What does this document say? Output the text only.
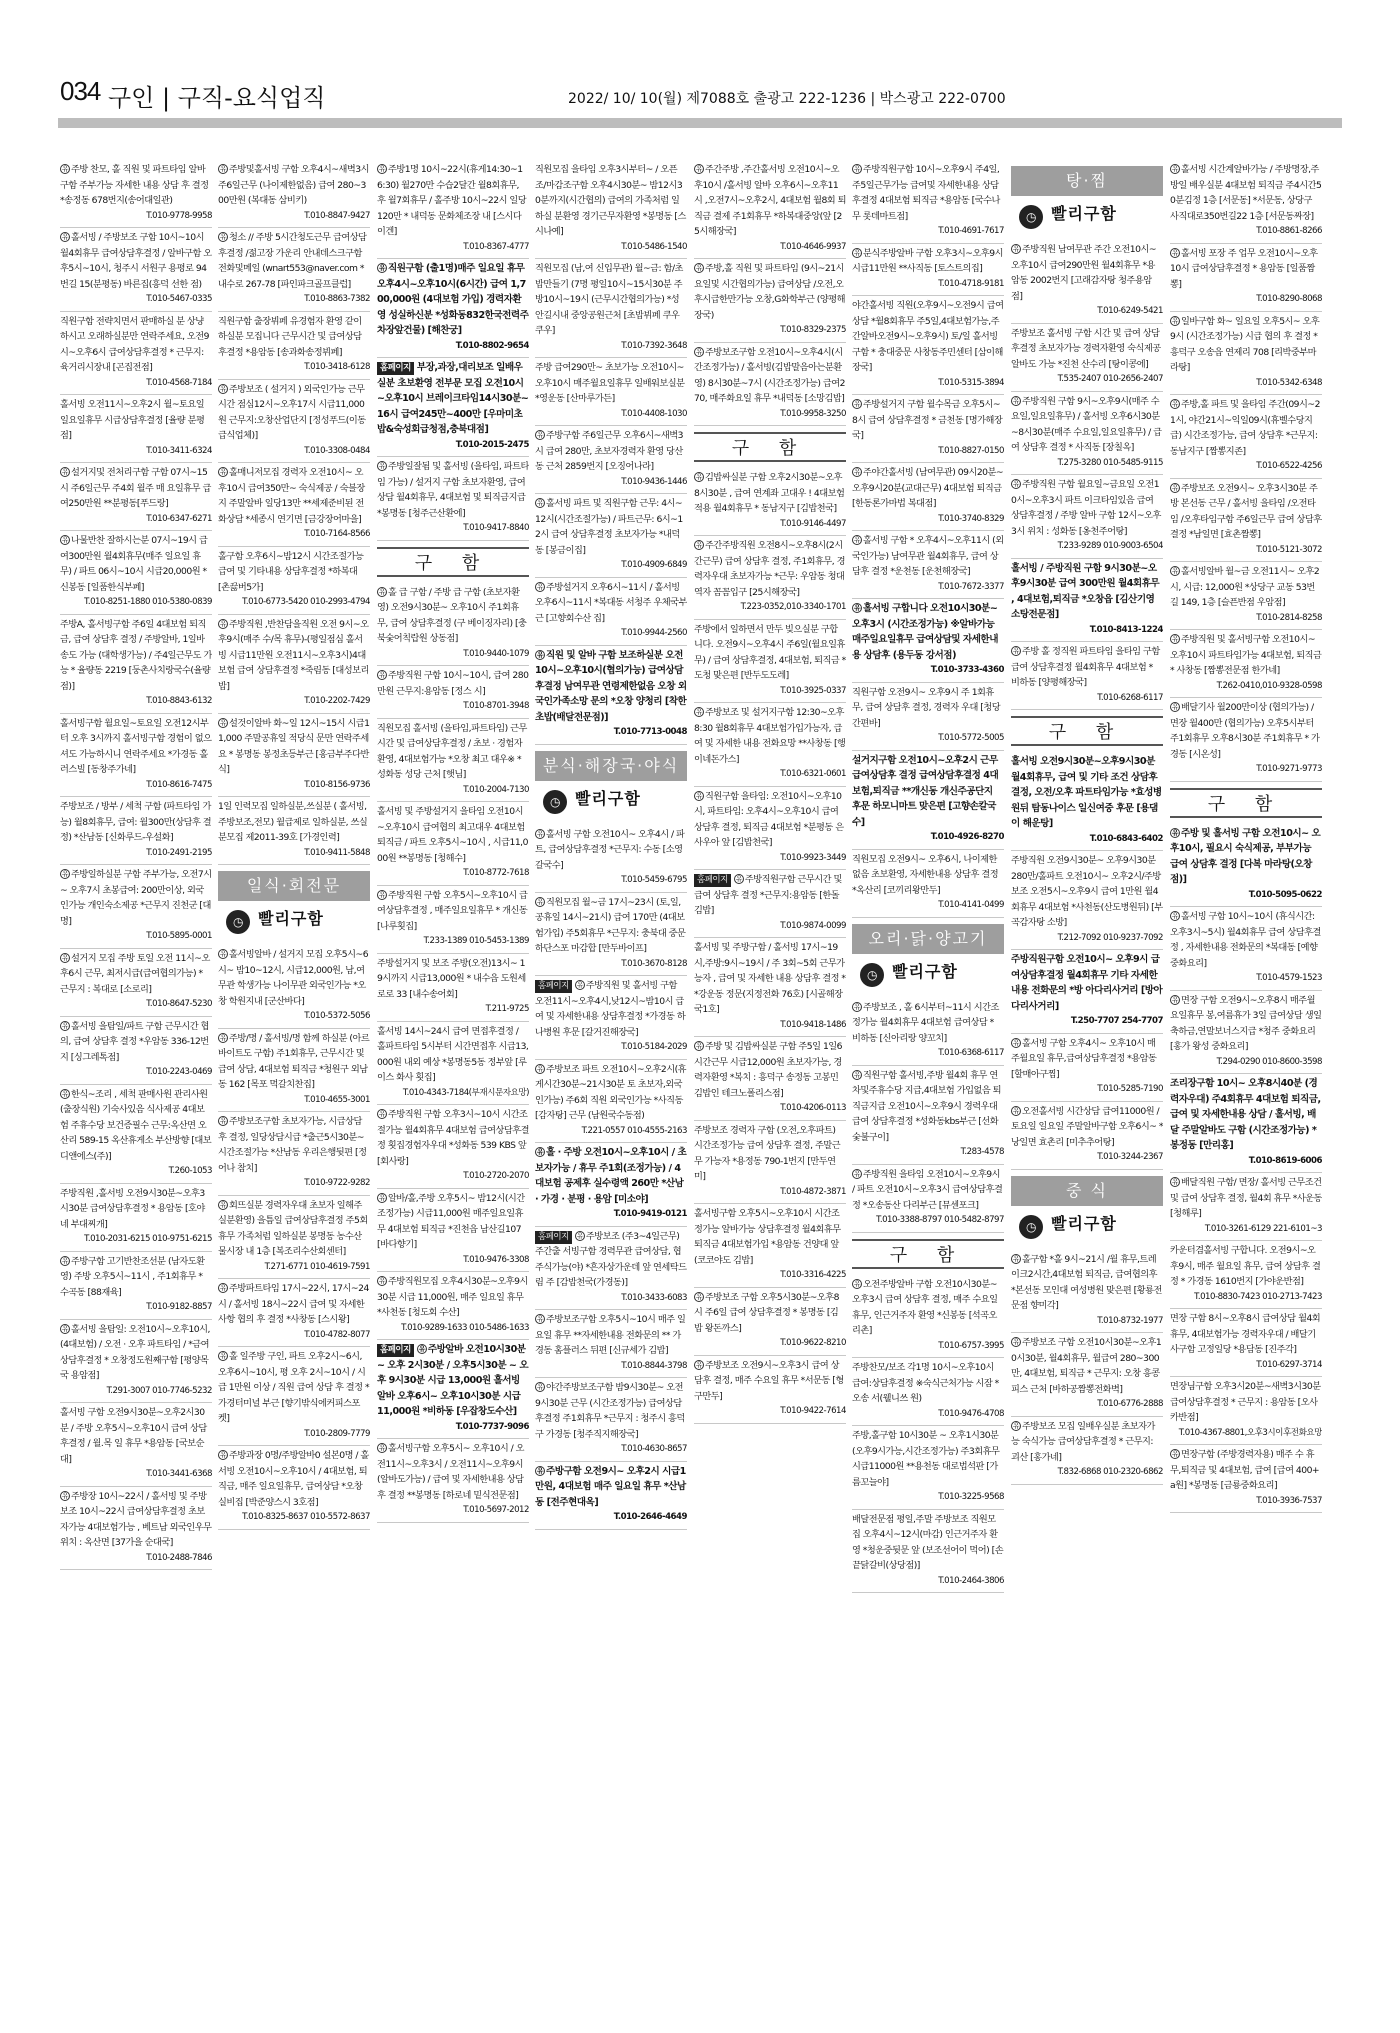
034 구인 | 구직-요식업직	2022/ 10/ 10(월) 제7088호 출광고 222-1236 | 박스광고 222-0700
유 주방 찬모, 홀 직원 및 파트타임 알바 구함 주부가능 자세한 내용 상담 후 결정 *송정동 678번지(송어대일관)
T.010-9778-9958
유 홀서빙 / 주방보조 구함 10시~10시 월4회휴무 급여상담후결정 / 알바구함 오후5시~10시, 청주시 서원구 용평로 94번길 15(분평동) 바른집(흥덕 선한 점)
T.010-5467-0335
직원구함 전략치면서 판매하실 분 상냥하시고 오래하실분만 연락주세요, 오전9시~오후6시 급여상담후결정 * 근무지: 육거리시장내 [곤집전점]
T.010-4568-7184
홀서빙 오전11시~오후2시 월~토요일 일요일휴무 시급상담후결정 [율량 분평점]
T.010-3411-6324
유 설거지및 전처리구함 구함 07시~15시 주6일근무 주4회 월주 매 요일휴무 급여250만원 **분평동[푸드랑]
T.010-6347-6271
유 나물반찬 잘하시는분 07시~19시 급여300만원 월4회휴무(매주 일요일 휴무) / 파트 06시~10시 시급20,000원 *신봉동 [일품한식부페]
T.010-8251-1880 010-5380-0839
주방A, 홀서빙구함 주6일 4대보험 퇴직금, 급여 상담후 결정 / 주방알바, 1일바송도 가능 (대학생가능) / 주4일근무도 가능 * 율량동 2219 [둥촌사치랑국수(율량점)]
T.010-8843-6132
홀서빙구함 월요일~토요일 오전12시부터 오후 3시까지 홀서빙구함 경험이 없으셔도 가능하시니 연락주세요 *가경동 홀러스빌 [동창주가네]
T.010-8616-7475
주방보조 / 방부 / 세척 구함 (파트타임 가능) 월8회휴무, 급여: 월300만(상담후 결정) *산남동 [신화루드-우설화]
T.010-2491-2195
유 주방일하실분 구함 주부가능, 오전7시~ 오후7시 초봉급여: 200만이상, 외국인가능 개인숙소제공 *근무지 진천군 [대명]
T.010-5895-0001
유 설거지 모집 주방 토일 오전 11시~오후6시 근무, 최저시급(급여협의가능) * 근무지 : 복대로 [소로리]
T.010-8647-5230
유 홀서빙 을탐일/파트 구함 근무시간 협의, 급여 상담후 결정 *우암동 336-12번지 [싱그레톡점]
T.010-2243-0469
유 한식~조리 , 세척 판매사원 관리사원(출장식원) 기숙사있음 식사제공 4대보험 주휴수당 보건증필수 근무:옥산면 오산리 589-15 옥산휴게소 부산방향 [대보디앤에스(주)]
T.260-1053
주방직원 ,홀서빙 오전9시30분~오후3시30분 급여상담후결정 * 용암동 [호야네 부대찌개]
T.010-2031-6215 010-9751-6215
유 주방구함 고기반찬조선분 (남자도환영) 주방 오후5시~11시 , 주1회휴무 * 수곡동 [88재육]
T.010-9182-8857
유 홀서빙 을탐일: 오전10시~오후10시, (4대보험) / 오전 · 오후 파트타임 / *금여상담후결정 * 오창정도원째구함 [평양목국 용암점]
T.291-3007 010-7746-5232
홀서빙 구함 오전9시30분~오후2시30분 / 주방 오후5시~오후10시 급여 상담후결정 / 월.목 일 휴무 *용암동 [국보순대]
T.010-3441-6368
유 주방장 10시~22시 / 홀서빙 및 주방보조 10시~22시 급여상담후결정 초보자가능 4대보험가능 , 베트남 외국인우무 위치 : 옥산면 [37가을 순대국]
T.010-2488-7846
유 주방및홀서빙 구함 오후4시~새벽3시 주6일근무 (나이제한없음) 급여 280~300만원 (복대동 삼비키)
T.010-8847-9427
유 청소 // 주방 5시간청도근무 급여상담후결정 /젊고장 가운리 안내데스크구함 전화및메일 (wnart553@naver.com * 내수로 267-78 [파인파크골프클럽]
T.010-8863-7382
직원구함 출장뷔페 유경험자 환영 같이 하실분 모집니다 근무시간 및 급여상담후결정 *용암동 [송과화송정뷔페]
T.010-3418-6128
유 주방보조 ( 설거지 ) 외국인가능 근무시간 점심12시~오후17시 시급11,000원 근무지:오창산업단지 [정성푸드(이동급식업체)]
T.010-3308-0484
유 홀매니저모집 경력자 오전10시~ 오후10시 급여350만~ 숙식제공 / 숙블장지 주말알바 일당13만 **세제준비된 전화상담 *세종시 연기면 [금강장어마을]
T.010-7164-8566
홀구함 오후6시~밤12시 시간조절가능 급여 및 기타내용 상담후결정 *하복대 [촌끓버5가]
T.010-6773-5420 010-2993-4794
유 주방직원 ,반찬담을직원 오전 9시~오후9시(매주 수/목 휴무)-(평일점심 홀서빙 시급11만원 오전11시~오후3시)4대보험 급여 상담후결정 *죽림동 [대성보리밥]
T.010-2202-7429
유 설것이알바 화~일 12시~15시 시급11,000 주말공휴일 적당식 문만 연락주세요 * 봉명동 봉정초등부근 [홍금부주다반식]
T.010-8156-9736
1일 인력모집 일하실분,쓰실분 ( 홀서빙,주방보조,전모) 월급제로 일하실분, 쓰실분모집 제2011-39호 [가경인력]
T.010-9411-5848
일식·회전문
◷ 빨리구함
유 홀서빙알바 / 설거지 모집 오후5시~6시~ 밤10~12시, 시급12,000원, 남,여무관 학생가능 나이무관 외국인가능 *오창 학원지내 [군산바다]
T.010-5372-5056
유 주방/명 / 홀서빙/명 함께 하실분 (아르바이트도 구함) 주1회휴무, 근무시간 및 급여 상담, 4대보험 퇴직금 *청원구 외남동 162 [목포 먹갈치찬집]
T.010-4655-3001
유 주방보조구함 초보자가능, 시급상담후 결정, 일당상담시급 *출근5시30분~ 시간조절가능 *산남동 우리은행뒷편 [정어나 참치]
T.010-9722-9282
유 회뜨실분 경력자우대 초보자 일해주실분환영) 을틈일 급여상담후결정 주5회휴무 가족처럼 일하실분 봉명동 농수산물시장 내 1층 [복조리수산회센터]
T.271-6771 010-4619-7591
유 주방파트타임 17시~22시, 17시~24시 / 홀서빙 18시~22시 급여 및 자세한 사항 협의 후 결정 *사창동 [스시왕]
T.010-4782-8077
유 홀 일주방 구인, 파트 오후2시~6시, 오후6시~10시, 평 오후 2시~10시 / 시급 1만원 이상 / 직원 급여 상담 후 결정 * 가경터미널 부근 [향기밖식에커피스포켓]
T.010-2809-7779
유 주방과장 0명/주방알바0 설본0명 / 홀서빙 오전10시~오후10시 / 4대보험, 퇴직금, 매주 일요일휴무, 급여상담 *오창 실비집 [박준양스시 3호점]
T.010-8325-8637 010-5572-8637
유 주방1명 10시~22시(휴게14:30~16:30) 월270만 수습2달간 월8회휴무, 후 월7회휴무 / 홀주방 10시~22시 일당120만 * 내덕동 문화체조장 내 [스시다이겐]
T.010-8367-4777
유 직원구함 (출1명)매주 일요일 휴무 오후4시~오후10시(6시간) 급여 1,700,000원 (4대보험 가입) 경력자환영 성실하신분 *성화동832한국전력주차장앞건물) [해찬궁]
T.010-8802-9654
홈페이지 부장,과장,대리보조 일배우실분 초보환영 전부문 모집 오전10시~오후10시 브레이크타임14시30분~16시 급여245만~400만 [우마미초밥&숙성회급청점,충북대점]
T.010-2015-2475
유 주방일잘됨 및 홀서빙 (을타임, 파트타임 가능) / 설거지 구함 초보자환영, 급여상담 월4회휴무, 4대보험 및 퇴직금지급 *봉명동 [청주근산환에]
T.010-9417-8840
구 함
유 홀 급 구함 / 주방 급 구함 (초보자환영) 오전9시30분~ 오후10시 주1회휴무, 급여 상담후결정 (구 베이징자리) [충북숯어칙랍원 상동점]
T.010-9440-1079
유 주방직원 구함 10시~10시, 급여 280만원 근무지:용암동 [정스 시]
T.010-8701-3948
직원모집 홀서빙 (을타임,파트타임) 근무시간 및 급여상담후결정 / 초보 · 경험자환영, 4대보험가능 *오창 최고 대우※ * 성화동 성당 근처 [햇님]
T.010-2004-7130
홀서빙 및 주방설거지 을타임 오전10시~오후10시 급여협의 최고대우 4대보험 퇴직금 / 파트 오후5시~10시 , 시급11,000원 **봉명동 [청해수]
T.010-8772-7618
유 주방직원 구함 오후5시~오후10시 급여상담후결정 , 매주일요일휴무 * 개신동 [나루횟집]
T.233-1389 010-5453-1389
주방설거지 및 보조 주방(오전)13시~ 19시까지 시급13,000원 * 내수읍 도원세로로 33 [내수송어회]
T.211-9725
홀서빙 14시~24시 급여 면접후결정 / 홀파트타임 5시부터 시간면접후 시급13,000원 내외 예상 *봉명동5동 정부앞 [루이스 화사 횟집]
T.010-4343-7184(부재시문자요망)
유 주방직원 구함 오후3시~10시 시간조절가능 월4회휴무 4대보험 급여상담후결정 횟집경험자우대 *성화동 539 KBS 앞 [회사랑]
T.010-2720-2070
유 알바/홀,주방 오후5시~ 밤12시(시간조정가능) 시급11,000원 매주일요일휴무 4대보험 퇴직금 *진천읍 남산길107 [바다향기]
T.010-9476-3308
유 주방직원모집 오후4시30분~오후9시30분 시급 11,000원, 매주 일요일 휴무 *사천동 [청도회 수산]
T.010-9289-1633 010-5486-1633
홈페이지 유 주방알바 오전10시30분~ 오후 2시30분 / 오후5시30분 ~ 오후 9시30분 시급 13,000원 홀서빙 알바 오후6시~ 오후10시30분 시급 11,000원 *비하동 [우잡창도수산]
T.010-7737-9096
유 홀서빙구함 오후5시~ 오후10시 / 오전11시~오후3시 / 오전11시~오후9시(알바도가능) / 급여 및 자세한내용 상담 후 결정 **봉명동 [하로네 밑식전문점]
T.010-5697-2012
직원모집 을타임 오후3시부터~ / 오픈조/마감조구함 오후4시30분~ 밤12시30분까지(시간협의) 급여의 가족처럼 일하실 분환영 경기근무자환영 *봉명동 [스시나예]
T.010-5486-1540
직원모집 (남,여 신입무관) 월~금: 함/초밥만들기 (7명 평일10시~15시30분 주방10시~19시 (근무시간협의가능) *성안길시내 중앙공원근처 [초밥뷔페 쿠우쿠우]
T.010-7392-3648
주방 급여290만~ 초보가능 오전10시~오후10시 매주월요일휴무 일배워보실분 *영운동 [산마루가든]
T.010-4408-1030
유 주방구함 주6일근무 오후6시~새벽3시 급여 280만, 초보자경력자 환영 당산동 근처 2859번지 [오징어나라]
T.010-9436-1446
유 홀서빙 파트 및 직원구함 근무: 4시~12시(시간조절가능) / 파트근무: 6시~12시 급여 상담후결정 초보자가능 *내덕동 [봉금이집]
T.010-4909-6849
유 주방설거지 오후6시~11시 / 홀서빙 오후6시~11시 *복대동 서청주 우체국부근 [고향회수산 집]
T.010-9944-2560
유 직원 및 알바 구함 보조하실분 오전10시~오후10시(협의가능) 급여상담후결정 남여무관 연령제한없음 오창 외국인가족소망 문의 *오창 양청리 [착한초밥(배달전문점)]
T.010-7713-0048
분식·해장국·야식
◷ 빨리구함
유 홀서빙 구함 오전10시~ 오후4시 / 파트, 급여상담후결정 *근무지: 수동 [소영갈국수]
T.010-5459-6795
유 직원모집 월~금 17시~23시 (토,일,공휴일 14시~21시) 급여 170만 (4대보험가입) 주5회휴무 *근무지: 충북대 중문 하단스포 마감합 [만두바이프]
T.010-3670-8128
홈페이지 유 주방직원 및 홀서빙 구함 오전11시~오후4시,낮12시~밤10시 급여 및 자세한내용 상담후결정 *가경동 하나병원 후문 [갈거진해장국]
T.010-5184-2029
유 주방보조 파트 오전10시~오후2시(휴게시간30분~21시30분 토 초보자,외국인가능) 주6회 직원 외국인가능 *사직동 [감자탕] 근무 (남원국수동점)
T.221-0557 010-4555-2163
유 홀 · 주방 오전10시~오후10시 / 초보자가능 / 휴무 주1회(조정가능) / 4대보험 공제후 실수령액 260만 *산남 · 가경 · 분평 · 용암 [미소야]
T.010-9419-0121
홈페이지 유 주방보조 (주3~4일근무)주간출 서빙구함 경력무관 급여상담, 협 주식가능(야) *흔자상가운데 앞 연세탁드림 주 [감밥천국(가경동)]
T.010-3433-6083
유 주방보조구함 오후5시~10시 매주 일요일 휴무 **자세한내용 전화문의 ** 가경동 홈플러스 뒤편 [신규세가 김밥]
T.010-8844-3798
유 야간주방보조구함 밤9시30분~ 오전9시30분 근무 (시간조정가능) 급여상담후결정 주1회휴무 *근무지 : 청주시 흥덕구 가경동 [청주직지해장국]
T.010-4630-8657
유 주방구함 오전9시~ 오후2시 시급1만원, 4대보험 매주 일요일 휴무 *산남동 [전주현대옥]
T.010-2646-4649
유 주간주방 ,주간홀서빙 오전10시~오후10시 /홀서빙 알바 오후6시~오후11시 ,오전7시~오후2시, 4대보험 월8회 퇴직금 결제 주1회휴무 *하복대중앙(앞 [25시해장국]
T.010-4646-9937
유 주방,홀 직원 및 파트타임 (9시~21시 요일및 시간협의가능) 급여상담 /오전,오후시급한만가능 오창,G화학부근 (양평해장국)
T.010-8329-2375
유 주방보조구함 오전10시~오후4시(시간조정가능) / 홀서빙(김밥말음아는분환영) 8시30분~7시 (시간조정가능) 급여270, 매주화요일 휴무 *내덕동 [소망김밥]
T.010-9958-3250
구 함
유 김밥싸실분 구함 오후2시30분~오후8시30분 , 급여 연계좌 고대우 ! 4대보험 적용 월4회휴무 * 동남지구 [김밥천국]
T.010-9146-4497
유 주간주방직원 오전8시~오후8시(2시간근무) 급여 상담후 결정, 주1회휴무, 경력자우대 초보자가능 *근무: 우암동 청대 역자 꼼꼼입구 [25시해장국]
T.223-0352,010-3340-1701
주방에서 일하면서 만두 빚으실분 구합니다. 오전9시~오후4시 주6일(월요일휴무) / 급여 상담후결정, 4대보험, 퇴직금 *도청 맞은편 [반두도도레]
T.010-3925-0337
유 주방보조 및 설거지구함 12:30~오후8:30 월8회휴무 4대보험가입가능자, 급여 및 자세한 내용 전화요망 **사창동 [행이네돈가스]
T.010-6321-0601
유 직원구함 을타임: 오전10시~오후10시, 파트타임: 오후4시~오후10시 급여 상담후 결정, 퇴직금 4대보험 *분평동 은사우아 앞 [김밥천국]
T.010-9923-3449
홈페이지 유 주방직원구함 근무시간 및 급여 상담후 결정 *근무지:용암동 [한돌김밥]
T.010-9874-0099
홀서빙 및 주방구함 / 홀서빙 17시~19시,주방:9시~19시 / 주 3회~5회 근무가능자 , 급여 및 자세한 내용 상담후 결정 **강운동 정문(지정전화 76호) [시골해장국1호]
T.010-9418-1486
유 주방 및 김밥싸실분 구함 주5일 1일6시간근무 시급12,000원 초보자가능, 경력자환영 *복치 : 흥덕구 송정동 고봉민 김밥인 테크노폴리스점]
T.010-4206-0113
주방보조 경력자 구함 (오전,오후파트) 시간조정가능 급여 상담후 결정, 주말근무 가능자 *용정동 790-1번지 [만두연미]
T.010-4872-3871
홀서빙구함 오후5시~오후10시 시간조정가능 알바가능 상담후결정 월4회휴무 퇴직금 4대보험가입 *용암동 건양대 앞 (코코야도 김밥]
T.010-3316-4225
유 주방보조 구함 오후5시30분~오후8시 주6일 급여 상담후결정 * 봉명동 [김밥 왕돈까스]
T.010-9622-8210
유 주방보조 오전9시~오후3시 급여 상담후 결정, 매주 수요일 휴무 *서문동 [형구만두]
T.010-9422-7614
유 주방직원구함 10시~오후9시 주4일,주5일근무가능 급여및 자세한내용 상담후결정 4대보험 퇴직금 *용암동 [국수나무 롯데마트점]
T.010-4691-7617
유 분식주방알바 구함 오후3시~오후9시 시급11만원 **사직동 [토스트의집]
T.010-4718-9181
야간홀서빙 직원(오후9시~오전9시 급여상담 *월8회휴무 주5일,4대보험가능,주간알바오전9시~오후9시) 토/일 홀서빙구함 * 충대중문 사창동주민센터 [삼이해장국]
T.010-5315-3894
유 주방설거지 구함 월수목금 오후5시~8시 급여 상담후결정 * 금천동 [명가해장국]
T.010-8827-0150
유 주야간홀서빙 (남여무관) 09시20분~오후9시20분(교대근무) 4대보험 퇴직금 [한동론가마법 복대점]
T.010-3740-8329
유 홀서빙 구함 * 오후4시~오후11시 (외국인가능) 남여무관 월4회휴무, 급여 상담후 결정 *운천동 [운천해장국]
T.010-7672-3377
유 홀서빙 구합니다 오전10시30분~ 오후3시 (시간조정가능) ※알바가능 매주일요일휴무 급여상담및 자세한내용 상담후 (용두동 강서점)
T.010-3733-4360
직원구함 오전9시~ 오후9시 주 1회휴무, 급여 상담후 결정, 경력자 우대 [청당간편바]
T.010-5772-5005
설거지구함 오전10시~오후2시 근무 급여상담후 결정 급여상담후결정 4대보험,퇴직금 **개신동 개신주공단지 후문 하모니마트 맞은편 [고향손칼국수]
T.010-4926-8270
직원모집 오전9시~ 오후6시, 나이제한없음 초보환영, 자세한내용 상담후 결정 *옥산리 [코끼리왕만두]
T.010-4141-0499
오리·닭·양고기
◷ 빨리구함
유 주방보조 , 홀 6시부터~11시 시간조정가능 월4회휴무 4대보험 급여상담 * 비하동 [신아리랑 양꼬치]
T.010-6368-6117
유 직원구함 홀서빙,주방 월4회 휴무 연차및주휴수당 지급,4대보험 가입없음 퇴직금지급 오전10시~오후9시 경력우대 급여 상담후결정 *성화동kbs부근 [선화숯불구이]
T.283-4578
유 주방직원 을타임 오전10시~오후9시 / 파트 오전10시~오후3시 급여상담후결정 *오송동산 다리부근 [뮤센포크]
T.010-3388-8797 010-5482-8797
구 함
유 오전주방알바 구함 오전10시30분~ 오후3시 급여 상담후 결정, 매주 수요일 휴무, 인근거주자 환영 *신봉동 [석곡오리촌]
T.010-6757-3995
주방찬모/보조 각1명 10시~오후10시 급여:상담후결정 ※숙식근처가능 시잠 *오송 서(웰니쓰 원)
T.010-9476-4708
주방,홀구함 10시30분 ~ 오후1시30분 (오후9시가능,시간조정가능) 주3회휴무 시급11000원 **용천동 대로법석판 [가름꼬늘야]
T.010-3225-9568
배달전문점 평일,주말 주방보조 직원모집 오후4시~12시(마감) 인근거주자 환영 *청운중뒷문 앞 (보조선어이 먹어) [손끝닭갈비(상당점)]
T.010-2464-3806
탕·찜
◷ 빨리구함
유 주방직원 남여무관 주간 오전10시~ 오후10시 급여290만원 월4회휴무 *용암동 2002번지 [고래감자탕 청주용암점]
T.010-6249-5421
주방보조 홀서빙 구함 시간 및 급여 상담후결정 초보자가능 경력자환영 숙식제공 알바도 가능 *진천 산수리 [탕이콩에]
T.535-2407 010-2656-2407
유 주방직원 구함 9시~오후9시(매주 수요일,일요일휴무) / 홀서빙 오후6시30분~8시30분(매주 수요일,일요일휴무) / 급여 상담후 결정 * 사직동 [장칠옥]
T.275-3280 010-5485-9115
유 주방직원 구함 월요일~금요일 오전10시~오후3시 파트 이크타임있음 급여 상담후결정 / 주방 알바 구함 12시~오후3시 위치 : 성화동 [옹천주어탕]
T.233-9289 010-9003-6504
홀서빙 / 주방직원 구함 9시30분~오후9시30분 급여 300만원 월4회휴무 , 4대보험,퇴직금 *오창읍 [김산기영소탕전문점]
T.010-8413-1224
유 주방 홀 정직원 파트타임 을타임 구함 급여 상담후결정 월4회휴무 4대보험 * 비하동 [양평해장국]
T.010-6268-6117
구 함
홀서빙 오전9시30분~오후9시30분 월4회휴무, 급여 및 기타 조건 상담후 결정, 오전/오후 파트타임가능 *효성병원뒤 탐동나이스 일신여중 후문 [용댐이 해운탕]
T.010-6843-6402
주방직원 오전9시30분~ 오후9시30분 280만/홀파트 오전10시~ 오후2시/주방보조 오전5시~오후9시 급여 1만원 월4회휴무 4대보험 *사천동(산도병원뒤) [부곡감자탕 소방]
T.212-7092 010-9237-7092
주방직원구함 오전10시~ 오후9시 급여상담후결정 월4회휴무 기타 자세한 내용 전화문의 *방 아다리사거리 [방아다리사거리]
T.250-7707 254-7707
유 홀서빙 구함 오후4시~ 오후10시 매주월요일 휴무,급여상담후결정 *용암동 [할매아구찜]
T.010-5285-7190
유 오전홀서빙 시간상담 급여11000원 / 토요일 일요일 주말알바구함 오후6시~ *낭일면 효촌리 [미추추어탕]
T.010-3244-2367
중 식
◷ 빨리구함
유 홀구함 *홀 9시~21시 /월 휴무,트레이크2시간,4대보험 퇴직금, 급여협의후 *본선동 모인대 여성병원 맞은편 [황룡전문점 향미각]
T.010-8732-1977
유 주방보조 구함 오전10시30분~오후10시30분, 월4회휴무, 월급여 280~300만, 4대보험, 퇴직금 * 근무지: 오창 흥콩피스 근처 [바하공짬뽕전화벽]
T.010-6776-2888
유 주방보조 모집 일배우실분 초보자가능 숙식가능 급여상담후결정 * 근무지: 괴산 [홍가네]
T.832-6868 010-2320-6862
유 홀서빙 시간계알바가능 / 주방명장,주방일 배우실분 4대보험 퇴직금 주4시간50분김정 1층 [서문동] *서문동, 상당구 사직대로350번길22 1층 [서문동짜장]
T.010-8861-8266
유 홀서빙 포장 주 업무 오전10시~오후10시 급여상담후결정 * 용암동 [일품짬뽕]
T.010-8290-8068
유 일바구함 화~ 일요일 오후5시~ 오후9시 (시간조정가능) 시급 협의 후 결정 *흥덕구 오송읍 연제리 708 [리박중부마라탕]
T.010-5342-6348
유 주방,홀 파트 및 을타임 주간(09시~21시, 야간21시~익일09시(휴벨수당지급) 시간조정가능, 급여 상담후 *근무지: 동남지구 [짬뽕지존]
T.010-6522-4256
유 주방보조 오전9시~ 오후3시30분 주방 본선동 근무 / 홀서빙 을타임 /오전타임 /오후타임구함 주6일근무 급여 상담후결정 *남일면 [효촌짬뽕]
T.010-5121-3072
유 홀서빙알바 월~금 오전11시~ 오후2시, 시급: 12,000원 *상당구 교동 53번길 149, 1층 [슬픈반점 우암점]
T.010-2814-8258
유 주방직원 및 홀서빙구함 오전10시~ 오후10시 파트타임가능 4대보험, 퇴직금 * 사창동 [짬뽕전문점 한가네]
T.262-0410,010-9328-0598
유 배달기사 월200만이상 (협의가능) / 면장 월400만 (협의가능) 오후5시부터 주1회휴무 오후8시30분 주1회휴무 * 가경동 [시온성]
T.010-9271-9773
구 함
유 주방 및 홀서빙 구함 오전10시~ 오후10시, 필요시 숙식제공, 부부가능 급여 상담후 결정 [다복 마라탕(오창점)]
T.010-5095-0622
유 홀서빙 구함 10시~10시 (휴식시간: 오후3시~5시) 월4회휴무 급여 상담후결정 , 자세한내용 전화문의 *복대동 [예향 중화요리]
T.010-4579-1523
유 면장 구함 오전9시~오후8시 매주월요일휴무 봉,여름휴가 3일 급여상담 생일축하금,연말보너스지급 *청주 중화요리 [홍가 왕성 중화요리]
T.294-0290 010-8600-3598
조리장구함 10시~ 오후8시40분 (경력자우대) 주4회휴무 4대보험 퇴직금, 급여 및 자세한내용 상담 / 홀서빙, 배달 주말알바도 구함 (시간조정가능) *봉정동 [만리홍]
T.010-8619-6006
유 배달직원 구함/ 면장/ 홀서빙 근무조건 및 급여 상담후 결정, 월4회 휴무 *사운동 [청해루]
T.010-3261-6129 221-6101~3
카운터겸홀서빙 구합니다. 오전9시~오후9시, 매주 월요일 휴무, 급여 상담후 결정 * 가경동 1610번지 [가야운반점]
T.010-8830-7423 010-2713-7423
면장 구함 8시~오후8시 급여상담 월4회휴무, 4대보험가능 경력자우대 / 배달기사구함 고정일당 *용담동 [진주각]
T.010-6297-3714
면장님구함 오후3시20분~새벽3시30분 급여상담후결정 * 근무지 : 용암동 [오사카반점]
T.010-4367-8801,오후3시이후전화요망
유 면장구함 (주방경력자용) 매주 수 휴무,퇴직금 및 4대보험, 급여 [급여 400+a원] *봉명동 [금룡중화요리]
T.010-3936-7537
